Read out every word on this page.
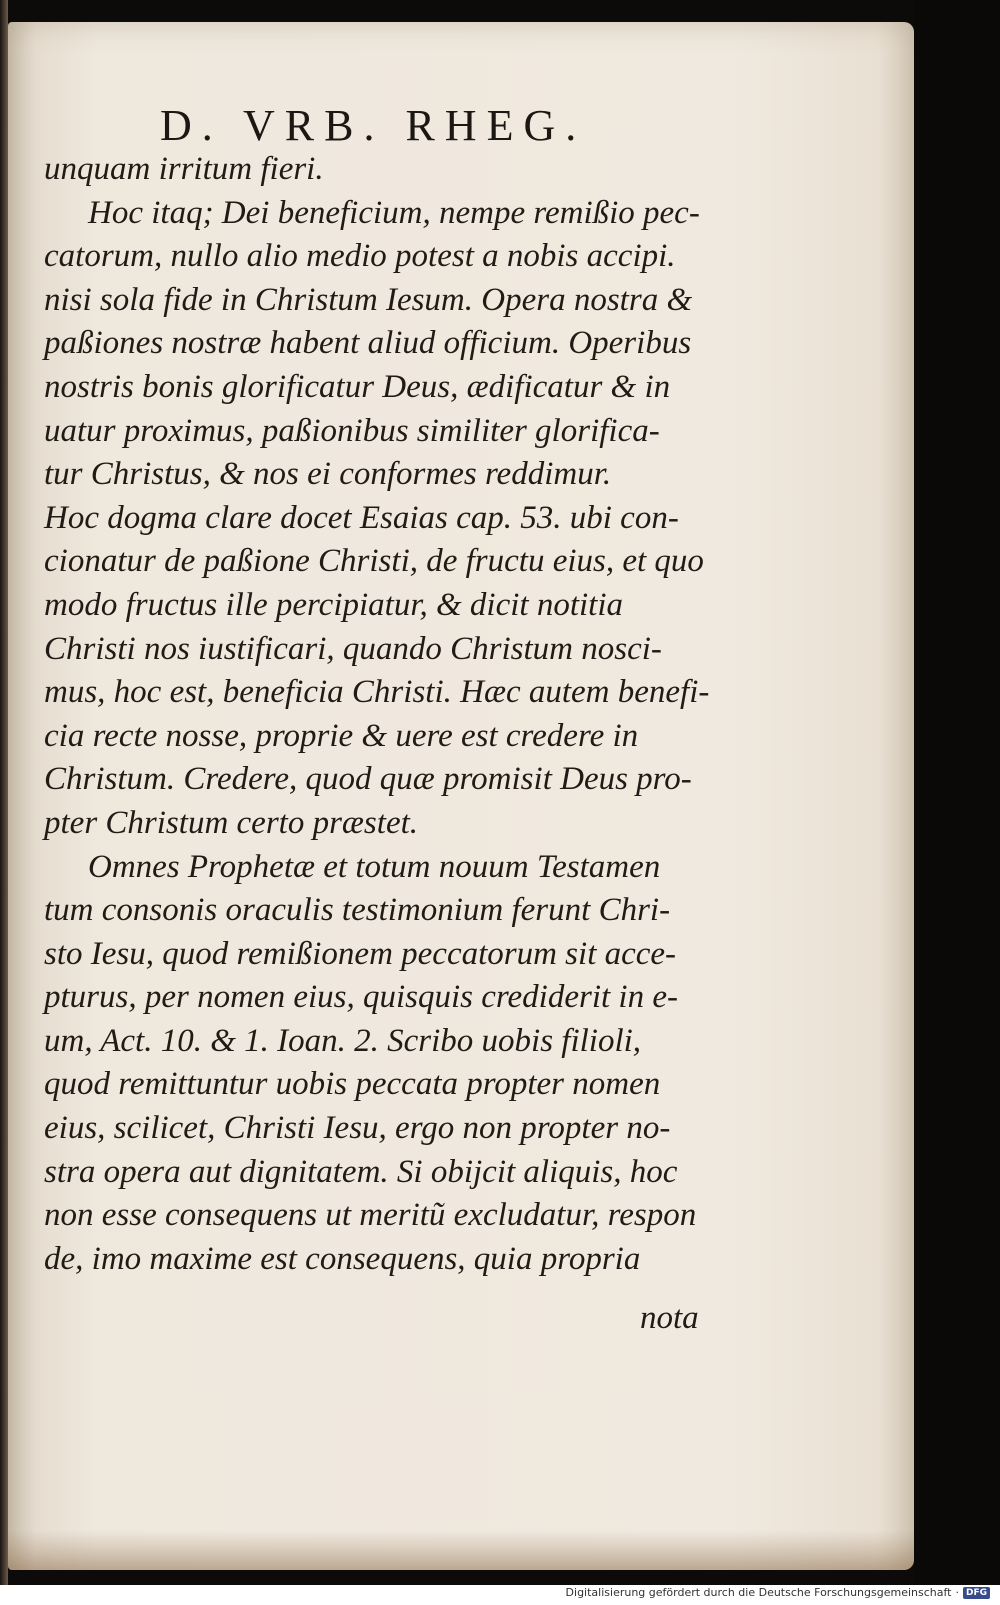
D. VRB. RHEG.
unquam irritum fieri.
Hoc itaq; Dei beneficium, nempe remißio pec-
catorum, nullo alio medio potest a nobis accipi.
nisi sola fide in Christum Iesum. Opera nostra &
paßiones nostræ habent aliud officium. Operibus
nostris bonis glorificatur Deus, ædificatur & in
uatur proximus, paßionibus similiter glorifica-
tur Christus, & nos ei conformes reddimur.
Hoc dogma clare docet Esaias cap. 53. ubi con-
cionatur de paßione Christi, de fructu eius, et quo
modo fructus ille percipiatur, & dicit notitia
Christi nos iustificari, quando Christum nosci-
mus, hoc est, beneficia Christi. Hæc autem benefi-
cia recte nosse, proprie & uere est credere in
Christum. Credere, quod quæ promisit Deus pro-
pter Christum certo præstet.
Omnes Prophetæ et totum nouum Testamen
tum consonis oraculis testimonium ferunt Chri-
sto Iesu, quod remißionem peccatorum sit acce-
pturus, per nomen eius, quisquis crediderit in e-
um, Act. 10. & 1. Ioan. 2. Scribo uobis filioli,
quod remittuntur uobis peccata propter nomen
eius, scilicet, Christi Iesu, ergo non propter no-
stra opera aut dignitatem. Si obijcit aliquis, hoc
non esse consequens ut meritũ excludatur, respon
de, imo maxime est consequens, quia propria
nota
Digitalisierung gefördert durch die Deutsche Forschungsgemeinschaft · DFG
